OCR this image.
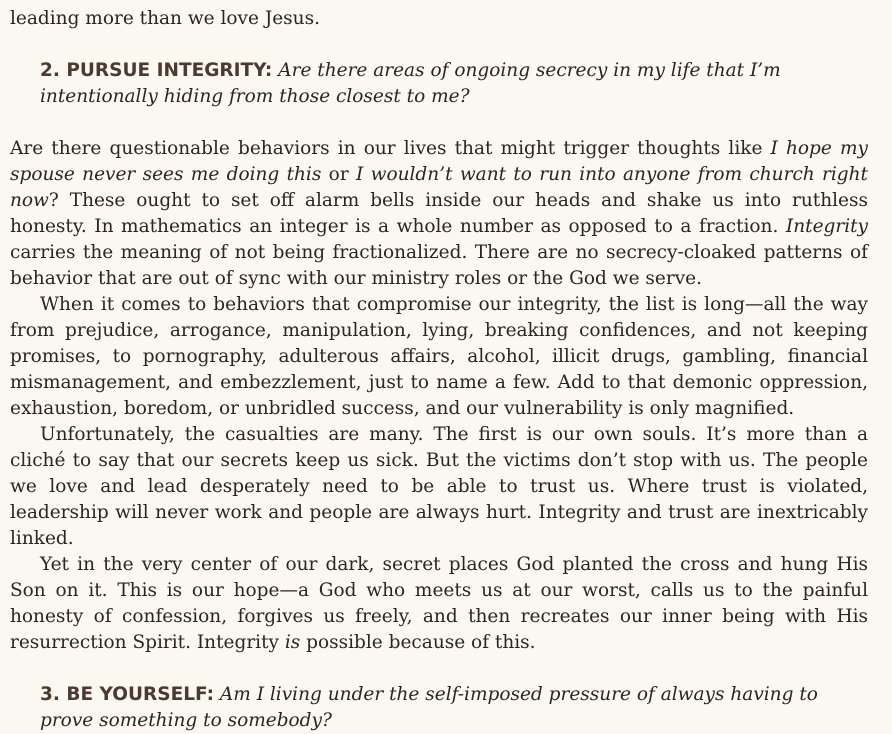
leading more than we love Jesus.

2. PURSUE INTEGRITY: Are there areas of ongoing secrecy in my life that I’m intentionally hiding from those closest to me?

Are there questionable behaviors in our lives that might trigger thoughts like I hope my spouse never sees me doing this or I wouldn’t want to run into anyone from church right now? These ought to set off alarm bells inside our heads and shake us into ruthless honesty. In mathematics an integer is a whole number as opposed to a fraction. Integrity carries the meaning of not being fractionalized. There are no secrecy-cloaked patterns of behavior that are out of sync with our ministry roles or the God we serve.

When it comes to behaviors that compromise our integrity, the list is long—all the way from prejudice, arrogance, manipulation, lying, breaking confidences, and not keeping promises, to pornography, adulterous affairs, alcohol, illicit drugs, gambling, financial mismanagement, and embezzlement, just to name a few. Add to that demonic oppression, exhaustion, boredom, or unbridled success, and our vulnerability is only magnified.

Unfortunately, the casualties are many. The first is our own souls. It’s more than a cliché to say that our secrets keep us sick. But the victims don’t stop with us. The people we love and lead desperately need to be able to trust us. Where trust is violated, leadership will never work and people are always hurt. Integrity and trust are inextricably linked.

Yet in the very center of our dark, secret places God planted the cross and hung His Son on it. This is our hope—a God who meets us at our worst, calls us to the painful honesty of confession, forgives us freely, and then recreates our inner being with His resurrection Spirit. Integrity is possible because of this.

3. BE YOURSELF: Am I living under the self-imposed pressure of always having to prove something to somebody?
